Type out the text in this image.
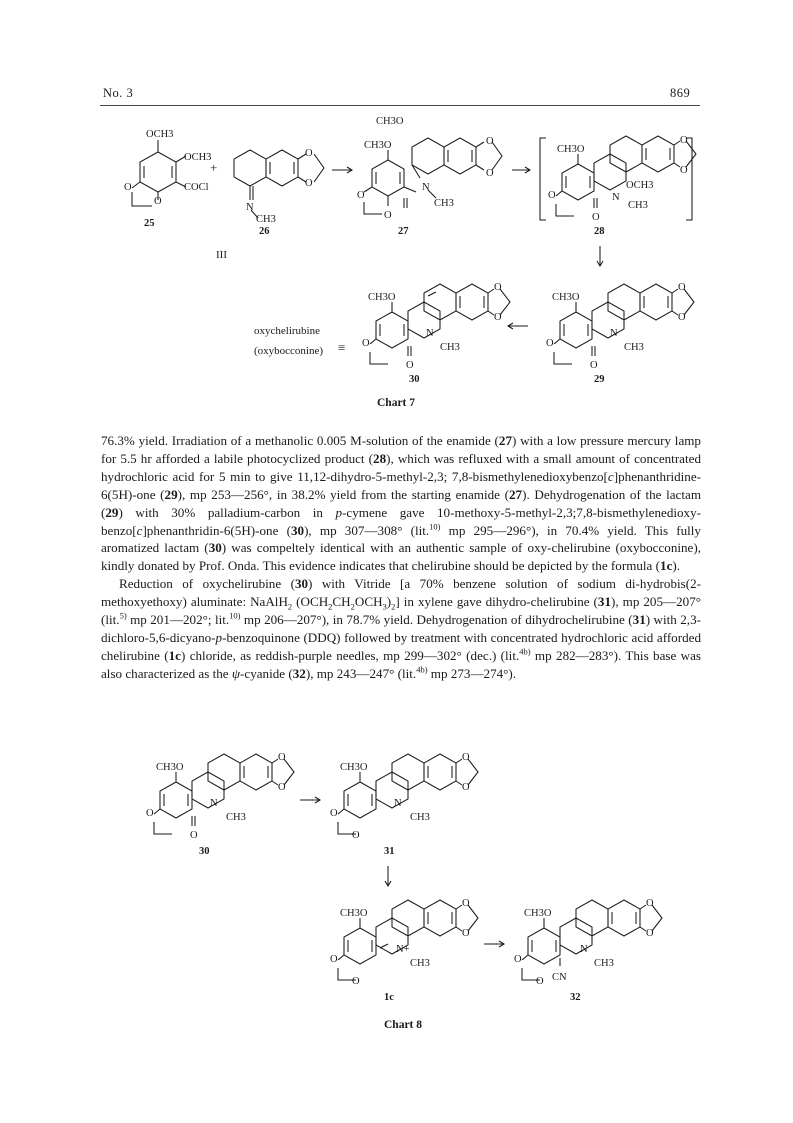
No. 3	869
OCH3
OCH3
COCl
O
O
25
+
O
O
N
CH3
26
III
CH3O
CH3O
N
CH3
O
O
O
O
27
CH3O
OCH3
N
CH3
O
O
O
O
28
CH3O
N
CH3
O
O
O
O
29
CH3O
N
CH3
O
O
O
O
30
oxychelirubine
(oxybocconine) ≡
Chart 7

76.3% yield. Irradiation of a methanolic 0.005 M-solution of the enamide (27) with a low pressure mercury lamp for 5.5 hr afforded a labile photocyclized product (28), which was refluxed with a small amount of concentrated hydrochloric acid for 5 min to give 11,12-dihydro-5-methyl-2,3; 7,8-bismethylenedioxybenzo[c]phenanthridine-6(5H)-one (29), mp 253—256°, in 38.2% yield from the starting enamide (27). Dehydrogenation of the lactam (29) with 30% palladium-carbon in p-cymene gave 10-methoxy-5-methyl-2,3;7,8-bismethylenedioxy-benzo[c]phenanthridin-6(5H)-one (30), mp 307—308° (lit.$^{10)}$ mp 295—296°), in 70.4% yield. This fully aromatized lactam (30) was compeltely identical with an authentic sample of oxy-chelirubine (oxybocconine), kindly donated by Prof. Onda. This evidence indicates that chelirubine should be depicted by the formula (1c).

Reduction of oxychelirubine (30) with Vitride [a 70% benzene solution of sodium di-hydrobis(2-methoxyethoxy) aluminate: NaAlH$_2$ $(OCH_2CH_2OCH_3)_2$] in xylene gave dihydro-chelirubine (31), mp 205—207° (lit.$^{5)}$ mp 201—202°; lit.$^{10)}$ mp 206—207°), in 78.7% yield. Dehydrogenation of dihydrochelirubine (31) with 2,3-dichloro-5,6-dicyano-p-benzoquinone (DDQ) followed by treatment with concentrated hydrochloric acid afforded chelirubine (1c) chloride, as reddish-purple needles, mp 299—302° (dec.) (lit.$^{4b)}$ mp 282—283°). This base was also characterized as the ψ-cyanide (32), mp 243—247° (lit.$^{4b)}$ mp 273—274°).

CH3O
N
CH3
O
O
O
O
30
CH3O
N
CH3
O
O
O
O
31
CH3O
N+
CH3
O
O
O
O
1c
CH3O
N
CH3
CN
O
O
O
O
32
Chart 8
